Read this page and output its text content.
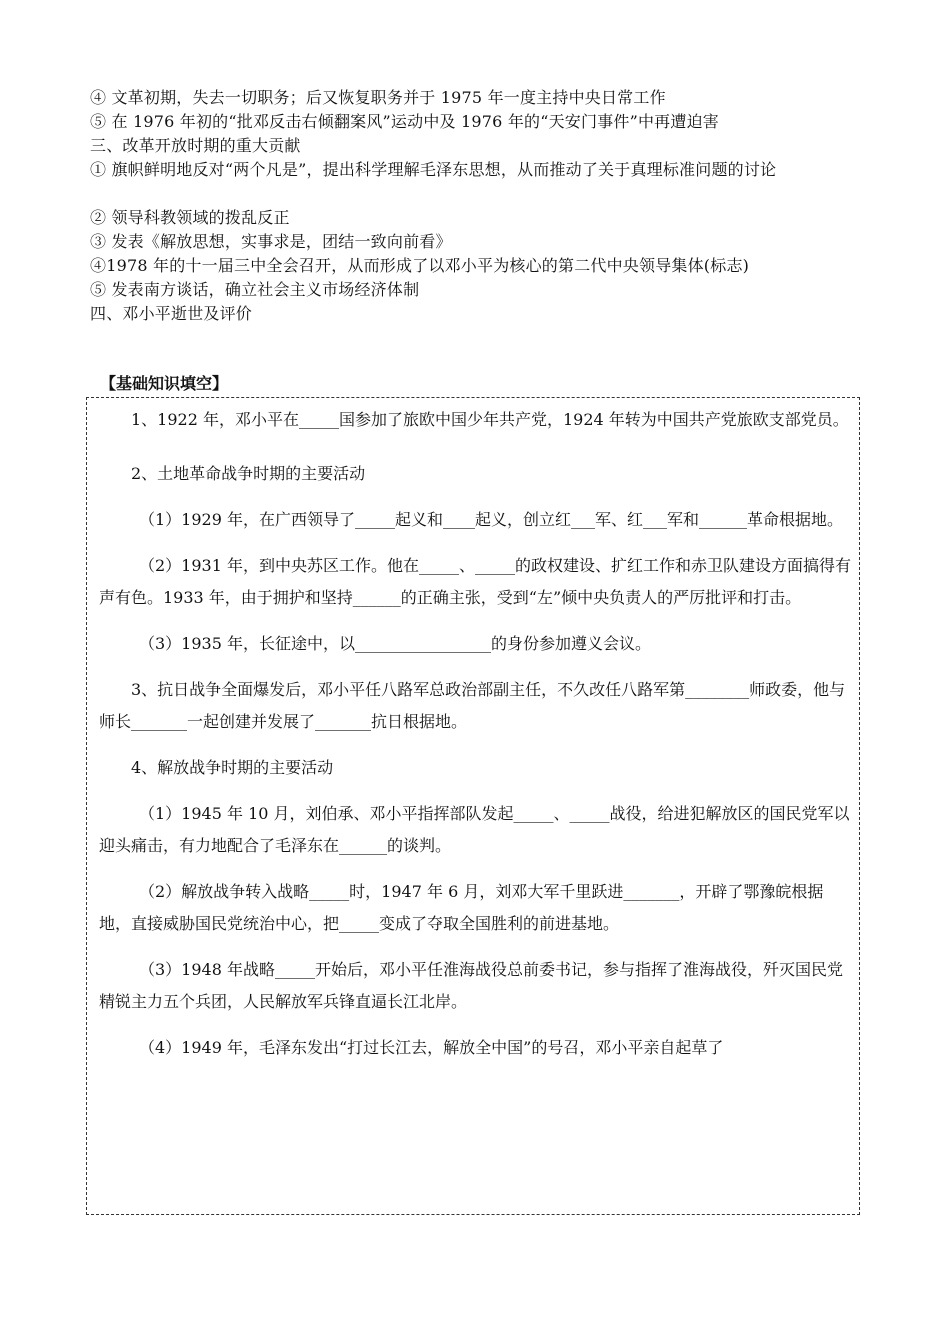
④ 文革初期，失去一切职务；后又恢复职务并于 1975 年一度主持中央日常工作
⑤ 在 1976 年初的“批邓反击右倾翻案风”运动中及 1976 年的“天安门事件”中再遭迫害
三、改革开放时期的重大贡献
① 旗帜鲜明地反对“两个凡是”，提出科学理解毛泽东思想，从而推动了关于真理标准问题的讨论
② 领导科教领域的拨乱反正
③ 发表《解放思想，实事求是，团结一致向前看》
④1978 年的十一届三中全会召开，从而形成了以邓小平为核心的第二代中央领导集体(标志)
⑤ 发表南方谈话，确立社会主义市场经济体制
四、邓小平逝世及评价
【基础知识填空】

1、1922 年，邓小平在_____国参加了旅欧中国少年共产党，1924 年转为中国共产党旅欧支部党员。

2、土地革命战争时期的主要活动

（1）1929 年，在广西领导了_____起义和____起义，创立红___军、红___军和______革命根据地。

（2）1931 年，到中央苏区工作。他在_____、_____的政权建设、扩红工作和赤卫队建设方面搞得有声有色。1933 年，由于拥护和坚持______的正确主张，受到“左”倾中央负责人的严厉批评和打击。

（3）1935 年，长征途中，以_________________的身份参加遵义会议。

3、抗日战争全面爆发后，邓小平任八路军总政治部副主任，不久改任八路军第________师政委，他与师长_______一起创建并发展了_______抗日根据地。

4、解放战争时期的主要活动

（1）1945 年 10 月，刘伯承、邓小平指挥部队发起_____、_____战役，给进犯解放区的国民党军以迎头痛击，有力地配合了毛泽东在______的谈判。

（2）解放战争转入战略_____时，1947 年 6 月，刘邓大军千里跃进_______，开辟了鄂豫皖根据地，直接威胁国民党统治中心，把_____变成了夺取全国胜利的前进基地。

（3）1948 年战略_____开始后，邓小平任淮海战役总前委书记，参与指挥了淮海战役，歼灭国民党精锐主力五个兵团，人民解放军兵锋直逼长江北岸。

（4）1949 年，毛泽东发出“打过长江去，解放全中国”的号召，邓小平亲自起草了
